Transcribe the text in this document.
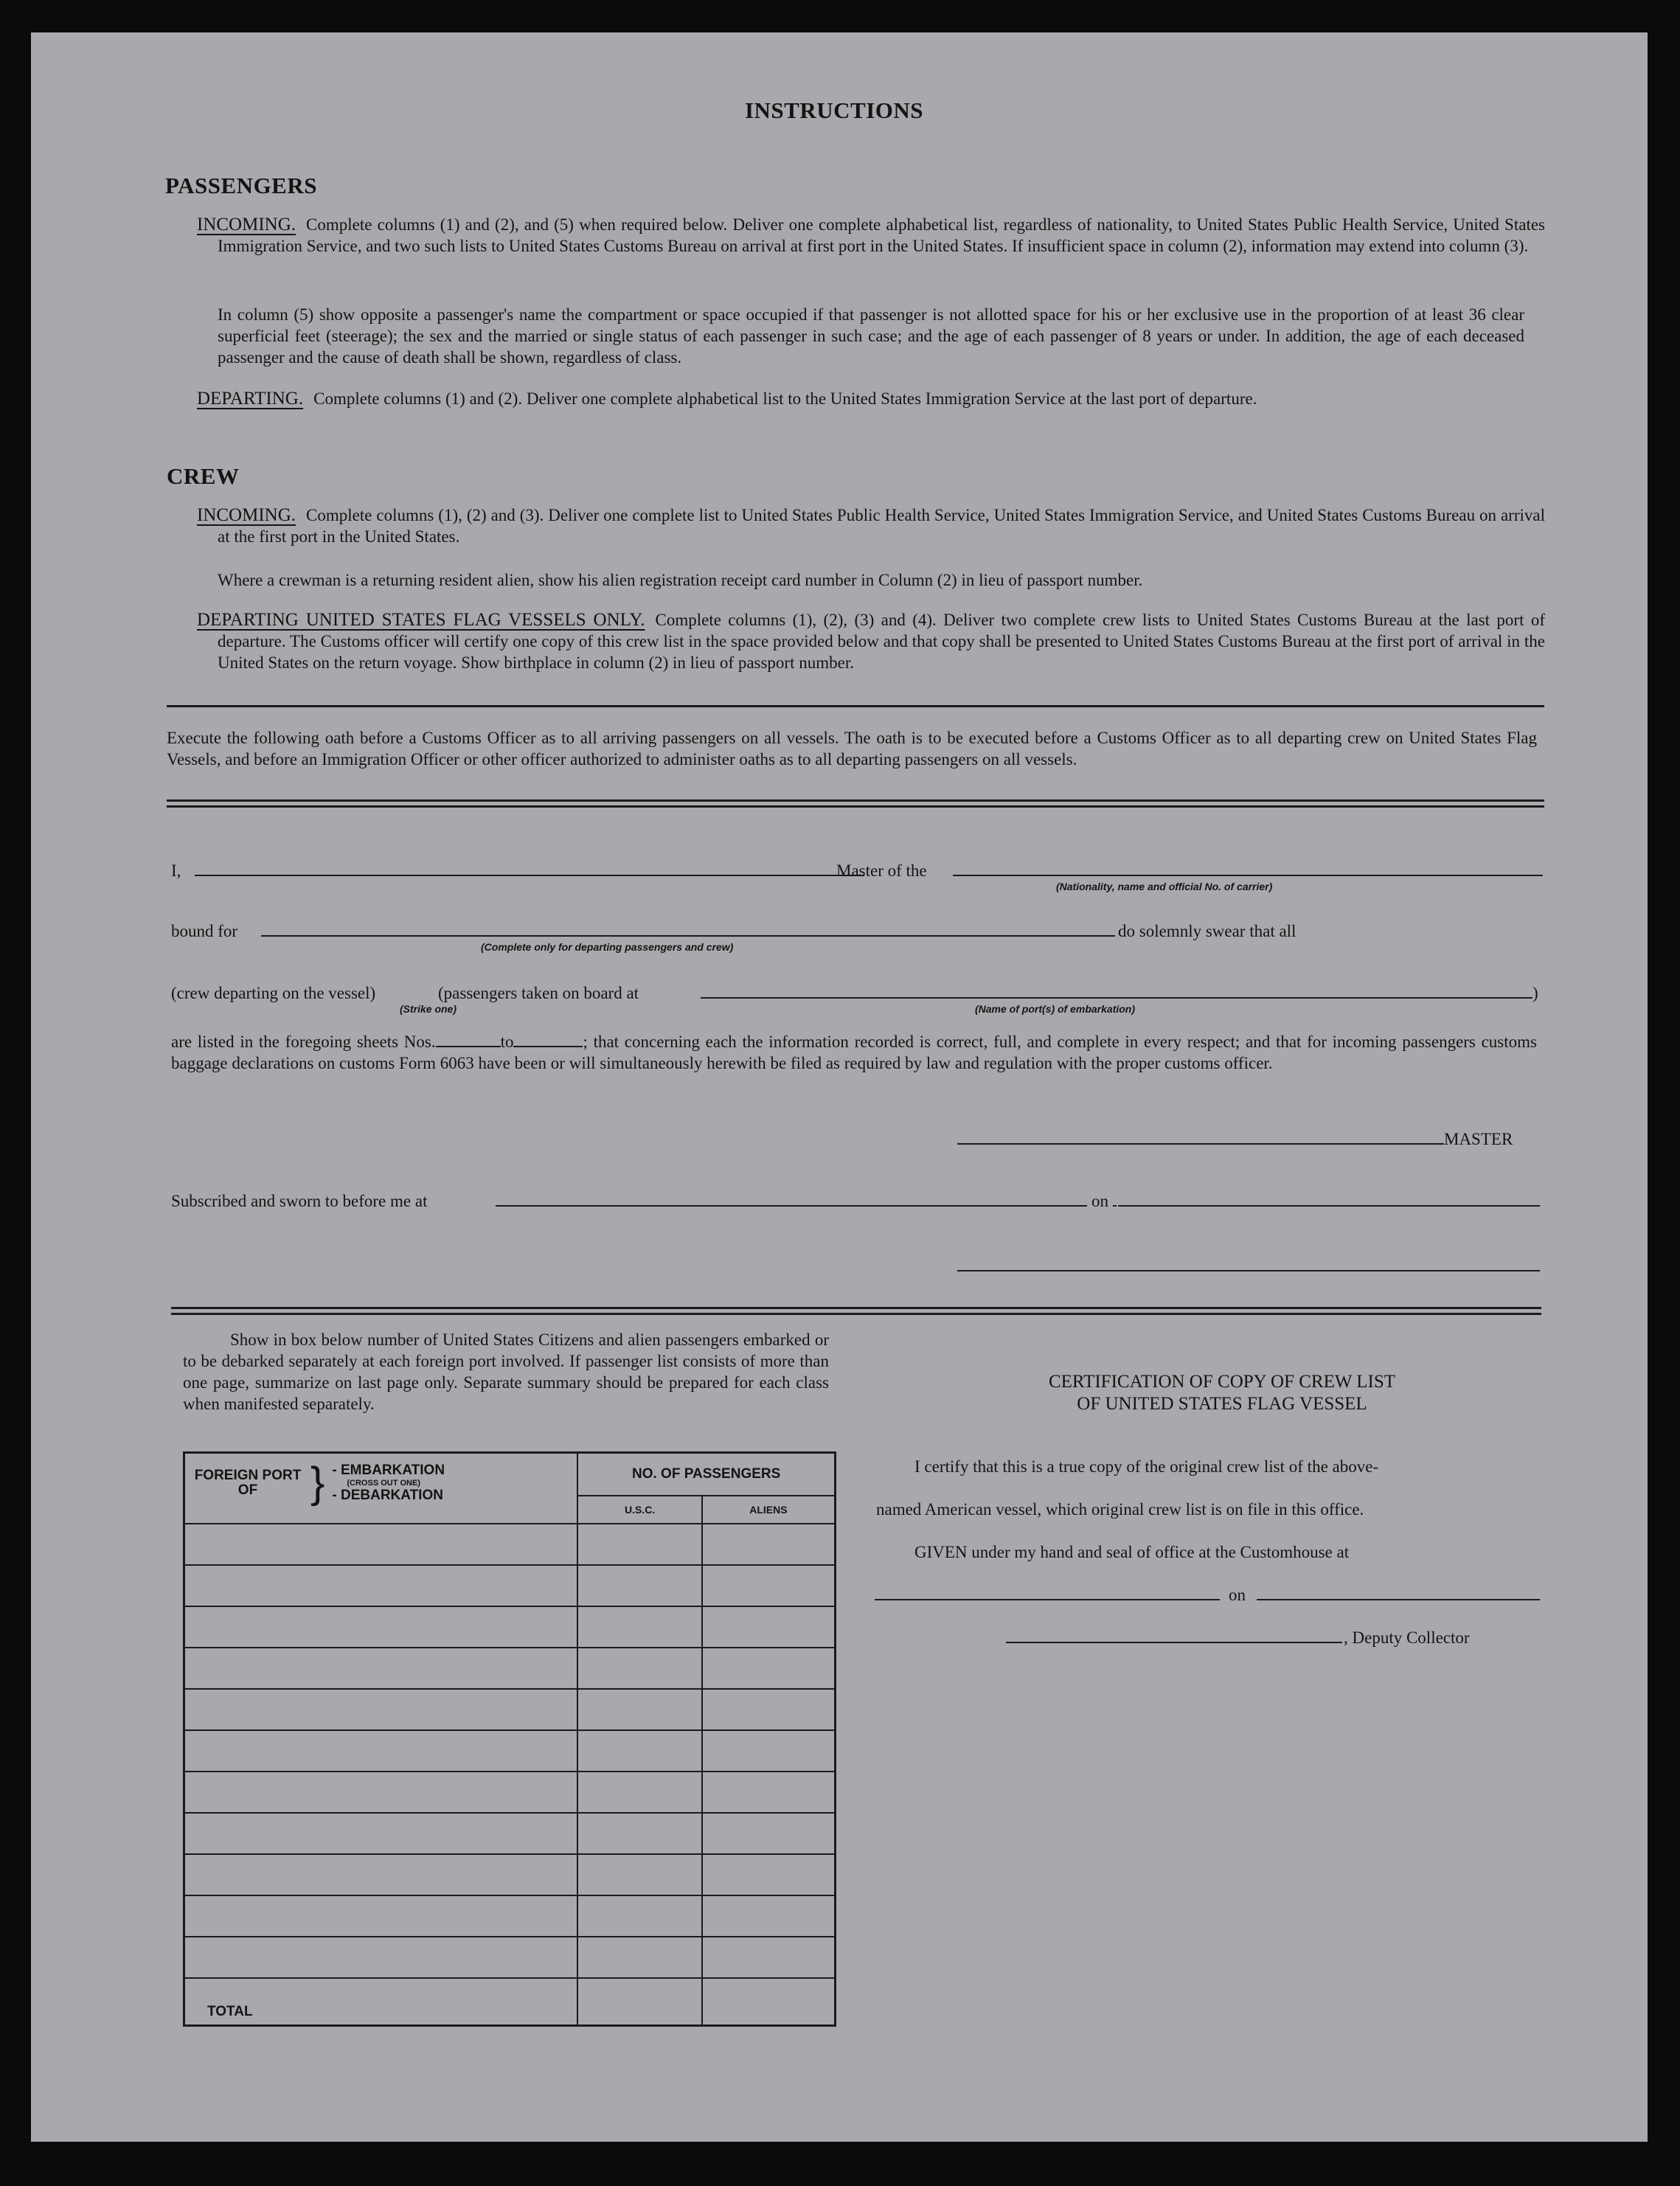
INSTRUCTIONS
PASSENGERS
INCOMING. Complete columns (1) and (2), and (5) when required below. Deliver one complete alphabetical list, regardless of nationality, to United States Public Health Service, United States Immigration Service, and two such lists to United States Customs Bureau on arrival at first port in the United States. If insufficient space in column (2), information may extend into column (3).
In column (5) show opposite a passenger's name the compartment or space occupied if that passenger is not allotted space for his or her exclusive use in the proportion of at least 36 clear superficial feet (steerage); the sex and the married or single status of each passenger in such case; and the age of each passenger of 8 years or under. In addition, the age of each deceased passenger and the cause of death shall be shown, regardless of class.
DEPARTING. Complete columns (1) and (2). Deliver one complete alphabetical list to the United States Immigration Service at the last port of departure.
CREW
INCOMING. Complete columns (1), (2) and (3). Deliver one complete list to United States Public Health Service, United States Immigration Service, and United States Customs Bureau on arrival at the first port in the United States.
Where a crewman is a returning resident alien, show his alien registration receipt card number in Column (2) in lieu of passport number.
DEPARTING UNITED STATES FLAG VESSELS ONLY. Complete columns (1), (2), (3) and (4). Deliver two complete crew lists to United States Customs Bureau at the last port of departure. The Customs officer will certify one copy of this crew list in the space provided below and that copy shall be presented to United States Customs Bureau at the first port of arrival in the United States on the return voyage. Show birthplace in column (2) in lieu of passport number.
Execute the following oath before a Customs Officer as to all arriving passengers on all vessels. The oath is to be executed before a Customs Officer as to all departing crew on United States Flag Vessels, and before an Immigration Officer or other officer authorized to administer oaths as to all departing passengers on all vessels.
I,	Master of the
(Nationality, name and official No. of carrier)
bound for	do solemnly swear that all
(Complete only for departing passengers and crew)
(crew departing on the vessel)
(Strike one)
(passengers taken on board at	)
(Name of port(s) of embarkation)
are listed in the foregoing sheets Nos.	to	; that concerning each the information recorded is correct, full, and complete in every respect; and that for incoming passengers customs baggage declarations on customs Form 6063 have been or will simultaneously herewith be filed as required by law and regulation with the proper customs officer.
MASTER
Subscribed and sworn to before me at	on
Show in box below number of United States Citizens and alien passengers embarked or to be debarked separately at each foreign port involved. If passenger list consists of more than one page, summarize on last page only. Separate summary should be prepared for each class when manifested separately.
FOREIGN PORT OF } - EMBARKATION
(CROSS OUT ONE)
- DEBARKATION	NO. OF PASSENGERS	
	U.S.C.	ALIENS

TOTAL		
CERTIFICATION OF COPY OF CREW LIST
OF UNITED STATES FLAG VESSEL
I certify that this is a true copy of the original crew list of the above-
named American vessel, which original crew list is on file in this office.
GIVEN under my hand and seal of office at the Customhouse at
on
, Deputy Collector
